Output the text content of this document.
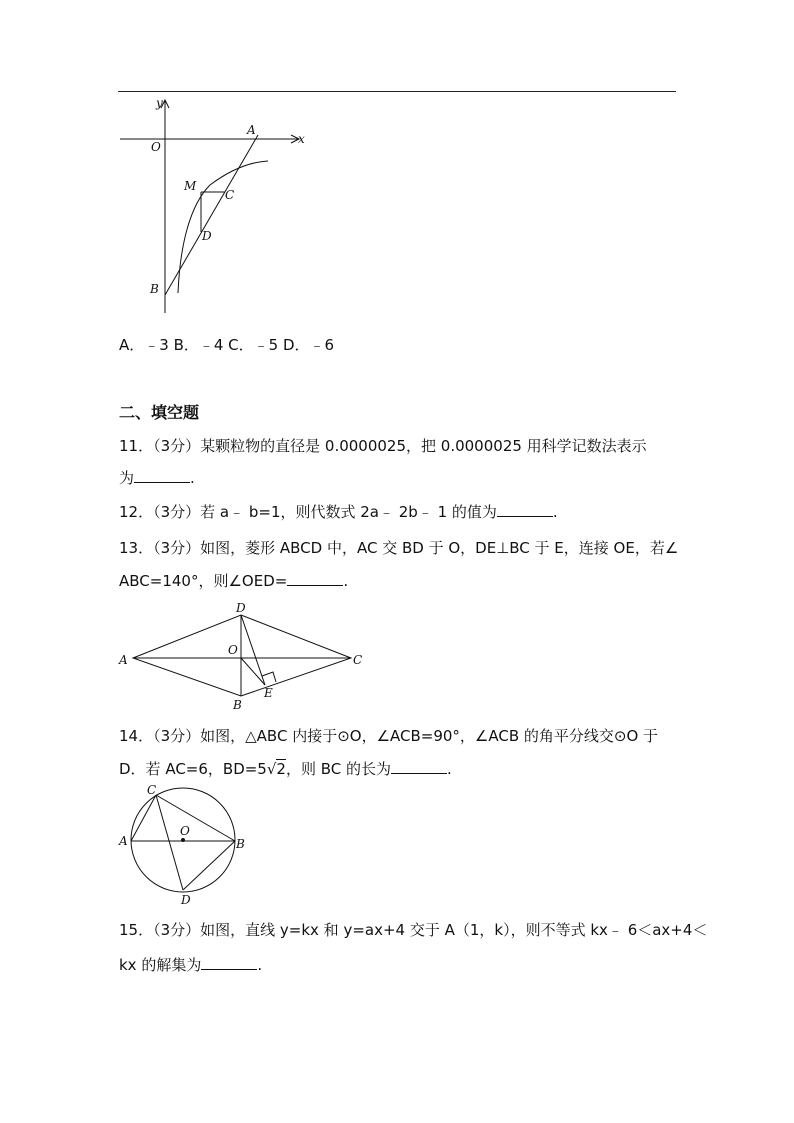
y
x
O
A
M
C
D
B
A．﹣3 B．﹣4 C．﹣5 D．﹣6
二、填空题
11．（3分）某颗粒物的直径是 0.0000025，把 0.0000025 用科学记数法表示
为	.
12．（3分）若 a﹣ b=1，则代数式 2a﹣ 2b﹣ 1 的值为	.
13．（3分）如图，菱形 ABCD 中，AC 交 BD 于 O，DE⊥BC 于 E，连接 OE，若∠
ABC=140°，则∠OED=	.
D
O
A	C
E
B
14．（3分）如图，△ABC 内接于⊙O，∠ACB=90°，∠ACB 的角平分线交⊙O 于
D．若 AC=6，BD=5√2，则 BC 的长为	.
C
O
A	B
D
15．（3分）如图，直线 y=kx 和 y=ax+4 交于 A（1，k），则不等式 kx﹣ 6＜ax+4＜
kx 的解集为	.
